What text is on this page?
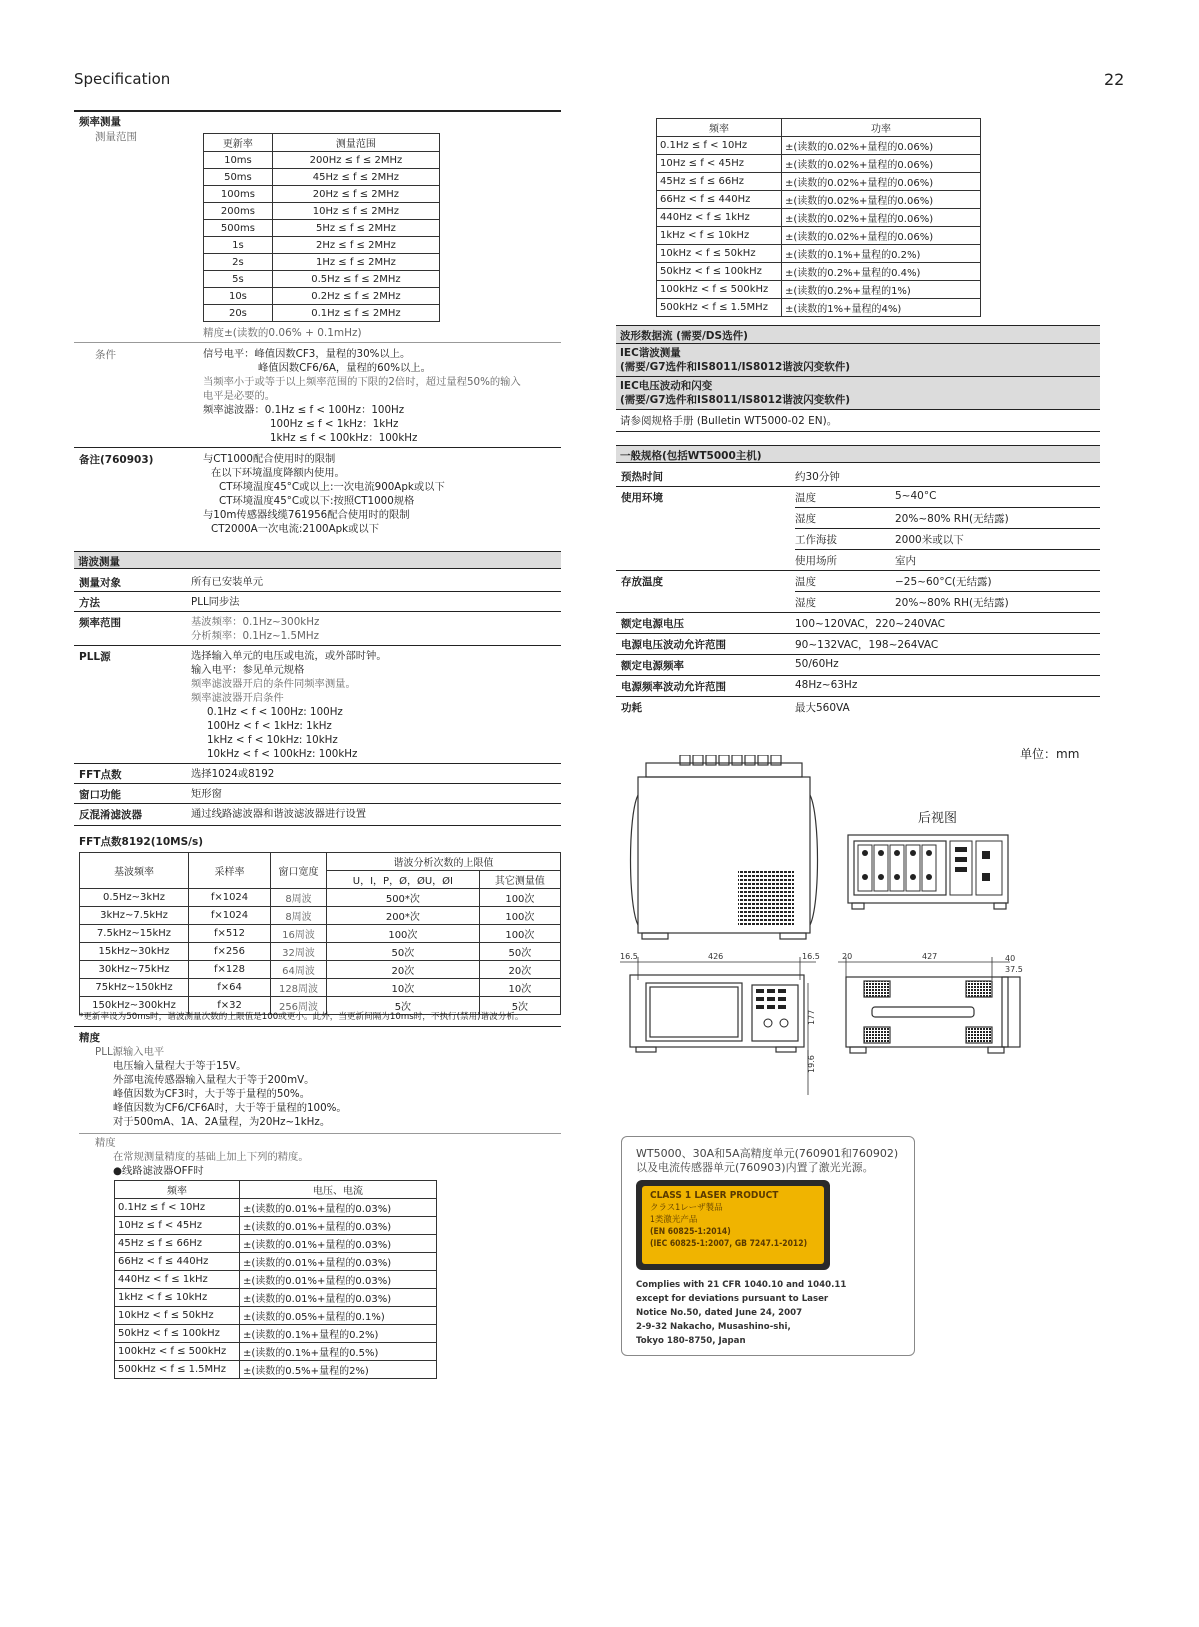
Specification	22
频率测量
测量范围
更新率	测量范围
10ms	200Hz ≤ f ≤ 2MHz
50ms	45Hz ≤ f ≤ 2MHz
100ms	20Hz ≤ f ≤ 2MHz
200ms	10Hz ≤ f ≤ 2MHz
500ms	5Hz ≤ f ≤ 2MHz
1s	2Hz ≤ f ≤ 2MHz
2s	1Hz ≤ f ≤ 2MHz
5s	0.5Hz ≤ f ≤ 2MHz
10s	0.2Hz ≤ f ≤ 2MHz
20s	0.1Hz ≤ f ≤ 2MHz
精度±(读数的0.06% + 0.1mHz)
条件	信号电平：峰值因数CF3，量程的30%以上。
峰值因数CF6/6A，量程的60%以上。
当频率小于或等于以上频率范围的下限的2倍时，超过量程50%的输入
电平是必要的。
频率滤波器：0.1Hz ≤ f < 100Hz：100Hz
100Hz ≤ f < 1kHz：1kHz
1kHz ≤ f < 100kHz：100kHz
备注(760903)	与CT1000配合使用时的限制
在以下环境温度降额内使用。
CT环境温度45°C或以上:一次电流900Apk或以下
CT环境温度45°C或以下:按照CT1000规格
与10m传感器线缆761956配合使用时的限制
CT2000A一次电流:2100Apk或以下
谐波测量
测量对象	所有已安装单元
方法	PLL同步法
频率范围	基波频率：0.1Hz~300kHz
分析频率：0.1Hz~1.5MHz
PLL源	选择输入单元的电压或电流，或外部时钟。
输入电平：参见单元规格
频率滤波器开启的条件同频率测量。
频率滤波器开启条件
0.1Hz < f < 100Hz: 100Hz
100Hz < f < 1kHz: 1kHz
1kHz < f < 10kHz: 10kHz
10kHz < f < 100kHz: 100kHz
FFT点数	选择1024或8192
窗口功能	矩形窗
反混淆滤波器	通过线路滤波器和谐波滤波器进行设置
FFT点数8192(10MS/s)
基波频率	采样率	窗口宽度	谐波分析次数的上限值	
			U，I，P，Ø，ØU，ØI	其它测量值
0.5Hz~3kHz	f×1024	8周波	500*次	100次
3kHz~7.5kHz	f×1024	8周波	200*次	100次
7.5kHz~15kHz	f×512	16周波	100次	100次
15kHz~30kHz	f×256	32周波	50次	50次
30kHz~75kHz	f×128	64周波	20次	20次
75kHz~150kHz	f×64	128周波	10次	10次
150kHz~300kHz	f×32	256周波	5次	5次
*更新率设为50ms时，谐波测量次数的上限值是100或更小。此外，当更新间隔为10ms时，不执行(禁用)谐波分析。
精度
PLL源输入电平
电压输入量程大于等于15V。
外部电流传感器输入量程大于等于200mV。
峰值因数为CF3时，大于等于量程的50%。
峰值因数为CF6/CF6A时，大于等于量程的100%。
对于500mA、1A、2A量程，为20Hz~1kHz。
精度
在常规测量精度的基础上加上下列的精度。
●线路滤波器OFF时
频率	电压、电流
0.1Hz ≤ f < 10Hz	±(读数的0.01%+量程的0.03%)
10Hz ≤ f < 45Hz	±(读数的0.01%+量程的0.03%)
45Hz ≤ f ≤ 66Hz	±(读数的0.01%+量程的0.03%)
66Hz < f ≤ 440Hz	±(读数的0.01%+量程的0.03%)
440Hz < f ≤ 1kHz	±(读数的0.01%+量程的0.03%)
1kHz < f ≤ 10kHz	±(读数的0.01%+量程的0.03%)
10kHz < f ≤ 50kHz	±(读数的0.05%+量程的0.1%)
50kHz < f ≤ 100kHz	±(读数的0.1%+量程的0.2%)
100kHz < f ≤ 500kHz	±(读数的0.1%+量程的0.5%)
500kHz < f ≤ 1.5MHz	±(读数的0.5%+量程的2%)
频率	功率
0.1Hz ≤ f < 10Hz	±(读数的0.02%+量程的0.06%)
10Hz ≤ f < 45Hz	±(读数的0.02%+量程的0.06%)
45Hz ≤ f ≤ 66Hz	±(读数的0.02%+量程的0.06%)
66Hz < f ≤ 440Hz	±(读数的0.02%+量程的0.06%)
440Hz < f ≤ 1kHz	±(读数的0.02%+量程的0.06%)
1kHz < f ≤ 10kHz	±(读数的0.02%+量程的0.06%)
10kHz < f ≤ 50kHz	±(读数的0.1%+量程的0.2%)
50kHz < f ≤ 100kHz	±(读数的0.2%+量程的0.4%)
100kHz < f ≤ 500kHz	±(读数的0.2%+量程的1%)
500kHz < f ≤ 1.5MHz	±(读数的1%+量程的4%)
波形数据流 (需要/DS选件)
IEC谐波测量
(需要/G7选件和IS8011/IS8012谐波闪变软件)
IEC电压波动和闪变
(需要/G7选件和IS8011/IS8012谐波闪变软件)
请参阅规格手册 (Bulletin WT5000-02 EN)。
一般规格(包括WT5000主机)
预热时间	约30分钟
使用环境	温度	5~40°C
湿度	20%~80% RH(无结露)
工作海拔	2000米或以下
使用场所	室内
存放温度	温度	−25~60°C(无结露)
湿度	20%~80% RH(无结露)
额定电源电压	100~120VAC，220~240VAC
电源电压波动允许范围	90~132VAC，198~264VAC
额定电源频率	50/60Hz
电源频率波动允许范围	48Hz~63Hz
功耗	最大560VA
单位：mm
后视图
16.5	426	16.5	20	427	40
37.5
177
19.6
WT5000、30A和5A高精度单元(760901和760902)
以及电流传感器单元(760903)内置了激光光源。
CLASS 1 LASER PRODUCT
クラス1レーザ製品
1类激光产品
(EN 60825-1:2014)
(IEC 60825-1:2007, GB 7247.1-2012)
Complies with 21 CFR 1040.10 and 1040.11
except for deviations pursuant to Laser
Notice No.50, dated June 24, 2007
2-9-32 Nakacho, Musashino-shi,
Tokyo 180-8750, Japan
